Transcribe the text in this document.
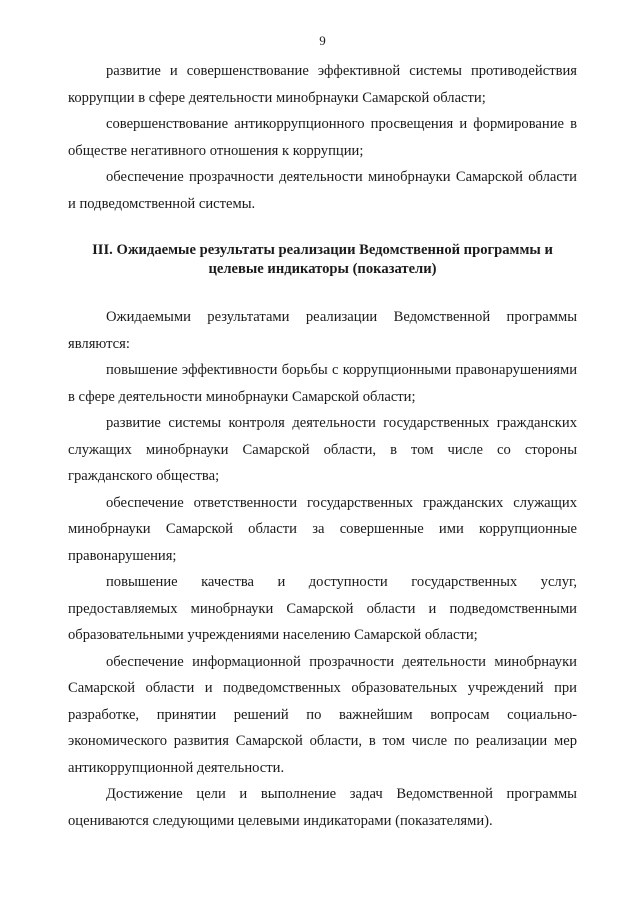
9

развитие и совершенствование эффективной системы противодействия коррупции в сфере деятельности минобрнауки Самарской области;

совершенствование антикоррупционного просвещения и формирование в обществе негативного отношения к коррупции;

обеспечение прозрачности деятельности минобрнауки Самарской области и подведомственной системы.

III. Ожидаемые результаты реализации Ведомственной программы и целевые индикаторы (показатели)

Ожидаемыми результатами реализации Ведомственной программы являются:

повышение эффективности борьбы с коррупционными правонарушениями в сфере деятельности минобрнауки Самарской области;

развитие системы контроля деятельности государственных гражданских служащих минобрнауки Самарской области, в том числе со стороны гражданского общества;

обеспечение ответственности государственных гражданских служащих минобрнауки Самарской области за совершенные ими коррупционные правонарушения;

повышение качества и доступности государственных услуг, предоставляемых минобрнауки Самарской области и подведомственными образовательными учреждениями населению Самарской области;

обеспечение информационной прозрачности деятельности минобрнауки Самарской области и подведомственных образовательных учреждений при разработке, принятии решений по важнейшим вопросам социально-экономического развития Самарской области, в том числе по реализации мер антикоррупционной деятельности.

Достижение цели и выполнение задач Ведомственной программы оцениваются следующими целевыми индикаторами (показателями).
